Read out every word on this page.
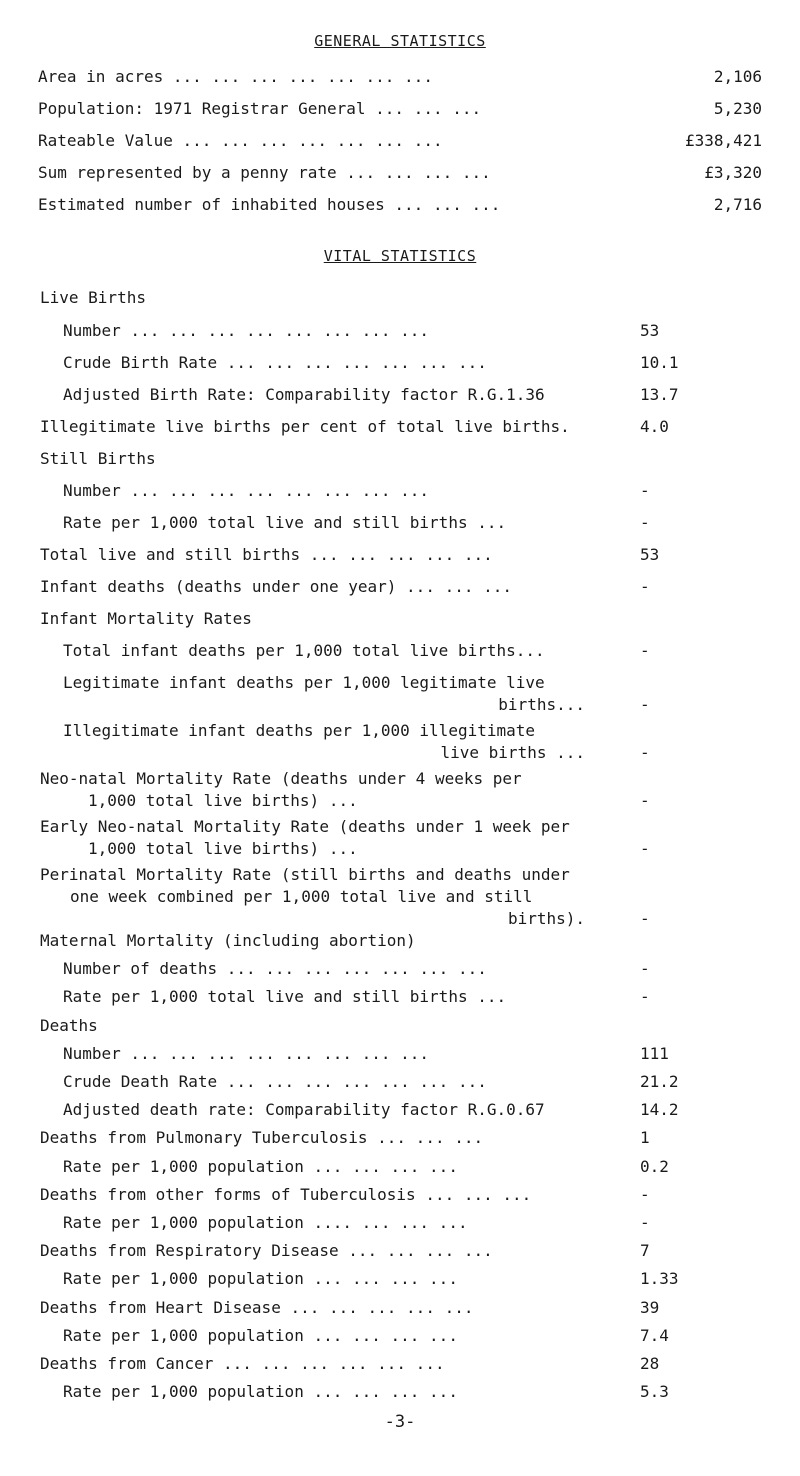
GENERAL STATISTICS
Area in acres ... ... ... ... ... ... ...	2,106
Population: 1971 Registrar General ... ... ...	5,230
Rateable Value ... ... ... ... ... ... ...	£338,421
Sum represented by a penny rate ... ... ... ...	£3,320
Estimated number of inhabited houses ... ... ...	2,716
VITAL STATISTICS
Live Births
Number ... ... ... ... ... ... ... ...	53
Crude Birth Rate ... ... ... ... ... ... ...	10.1
Adjusted Birth Rate: Comparability factor R.G.1.36	13.7
Illegitimate live births per cent of total live births.	4.0
Still Births
Number ... ... ... ... ... ... ... ...	-
Rate per 1,000 total live and still births ...	-
Total live and still births ... ... ... ... ...	53
Infant deaths (deaths under one year) ... ... ...	-
Infant Mortality Rates
Total infant deaths per 1,000 total live births...	-
Legitimate infant deaths per 1,000 legitimate live
births...	-
Illegitimate infant deaths per 1,000 illegitimate
live births ...	-
Neo-natal Mortality Rate (deaths under 4 weeks per
1,000 total live births) ...	-
Early Neo-natal Mortality Rate (deaths under 1 week per
1,000 total live births) ...	-
Perinatal Mortality Rate (still births and deaths under
one week combined per 1,000 total live and still
births).	-
Maternal Mortality (including abortion)
Number of deaths ... ... ... ... ... ... ...	-
Rate per 1,000 total live and still births ...	-
Deaths
Number ... ... ... ... ... ... ... ...	111
Crude Death Rate ... ... ... ... ... ... ...	21.2
Adjusted death rate: Comparability factor R.G.0.67	14.2
Deaths from Pulmonary Tuberculosis ... ... ...	1
Rate per 1,000 population ... ... ... ...	0.2
Deaths from other forms of Tuberculosis ... ... ...	-
Rate per 1,000 population .... ... ... ...	-
Deaths from Respiratory Disease ... ... ... ...	7
Rate per 1,000 population ... ... ... ...	1.33
Deaths from Heart Disease ... ... ... ... ...	39
Rate per 1,000 population ... ... ... ...	7.4
Deaths from Cancer ... ... ... ... ... ...	28
Rate per 1,000 population ... ... ... ...	5.3
-3-
